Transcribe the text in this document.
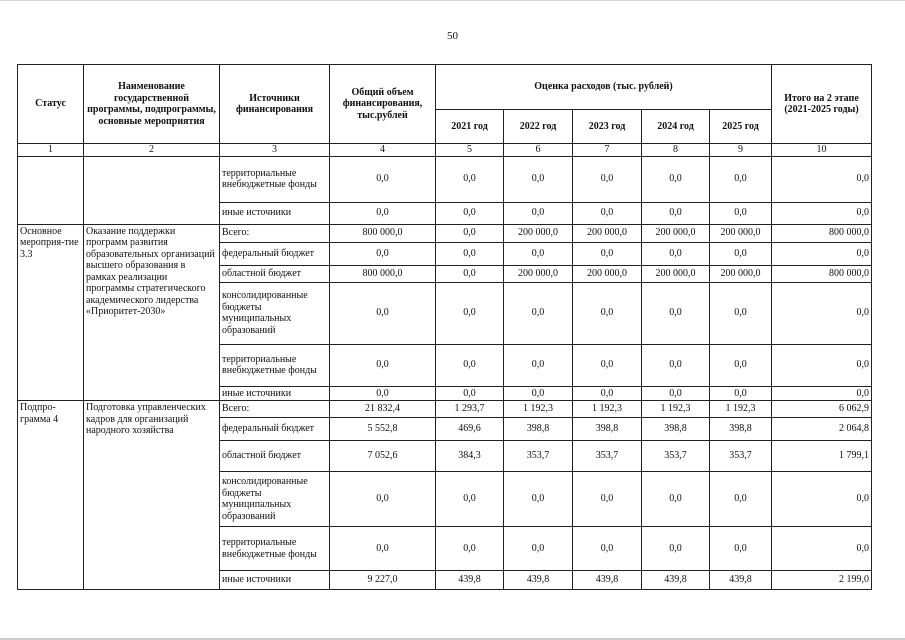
50
Статус	Наименование государственной программы, подпрограммы, основные мероприятия	Источники финансирования	Общий объем финансирования, тыс.рублей	Оценка расходов (тыс. рублей)					Итого на 2 этапе (2021-2025 годы)
				2021 год	2022 год	2023 год	2024 год	2025 год	
1	2	3	4	5	6	7	8	9	10
		территориальные внебюджетные фонды	0,0	0,0	0,0	0,0	0,0	0,0	0,0
		иные источники	0,0	0,0	0,0	0,0	0,0	0,0	0,0
Основное мероприя-тие 3.3	Оказание поддержки программ развития образовательных организаций высшего образования в рамках реализации программы стратегического академического лидерства «Приоритет-2030»	Всего:	800 000,0	0,0	200 000,0	200 000,0	200 000,0	200 000,0	800 000,0
		федеральный бюджет	0,0	0,0	0,0	0,0	0,0	0,0	0,0
		областной бюджет	800 000,0	0,0	200 000,0	200 000,0	200 000,0	200 000,0	800 000,0
		консолидированные бюджеты муниципальных образований	0,0	0,0	0,0	0,0	0,0	0,0	0,0
		территориальные внебюджетные фонды	0,0	0,0	0,0	0,0	0,0	0,0	0,0
		иные источники	0,0	0,0	0,0	0,0	0,0	0,0	0,0
Подпро-грамма 4	Подготовка управленческих кадров для организаций народного хозяйства	Всего:	21 832,4	1 293,7	1 192,3	1 192,3	1 192,3	1 192,3	6 062,9
		федеральный бюджет	5 552,8	469,6	398,8	398,8	398,8	398,8	2 064,8
		областной бюджет	7 052,6	384,3	353,7	353,7	353,7	353,7	1 799,1
		консолидированные бюджеты муниципальных образований	0,0	0,0	0,0	0,0	0,0	0,0	0,0
		территориальные внебюджетные фонды	0,0	0,0	0,0	0,0	0,0	0,0	0,0
		иные источники	9 227,0	439,8	439,8	439,8	439,8	439,8	2 199,0
